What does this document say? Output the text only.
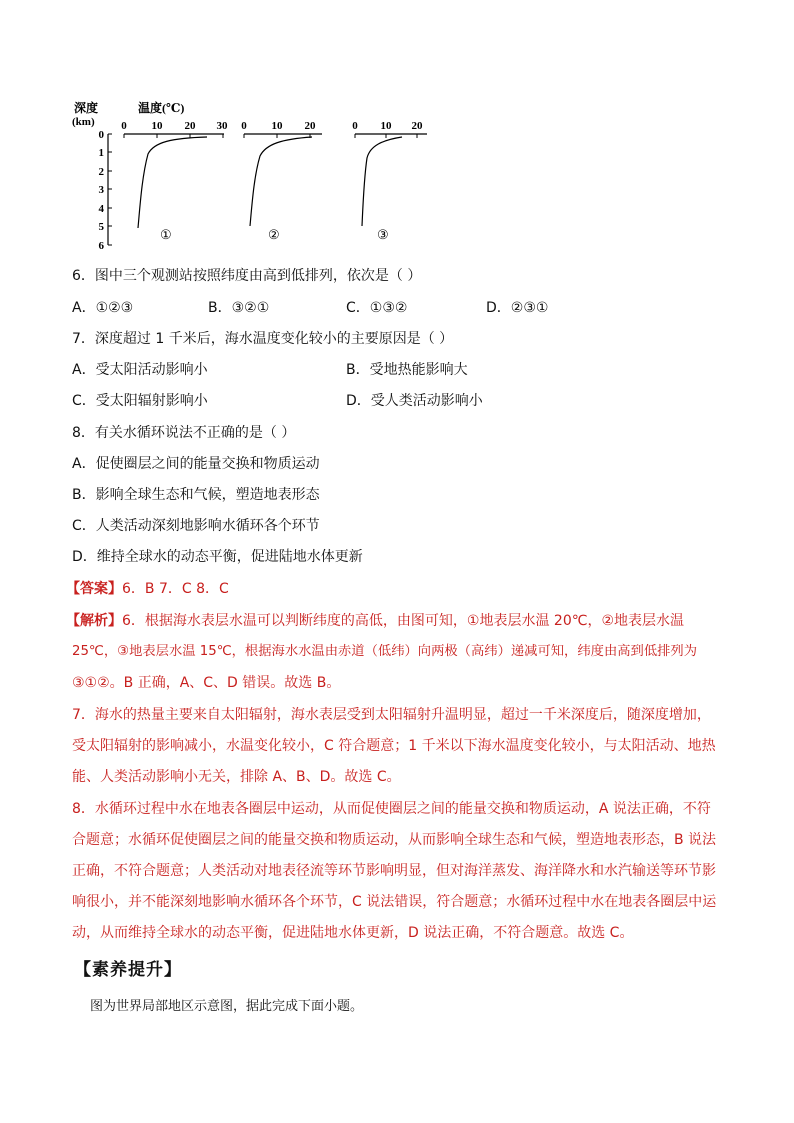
深度
(km)
温度(℃)
0
1
2
3
4
5
6
0 10 20 30
①
0 10 20
②
0 10 20
③
6．图中三个观测站按照纬度由高到低排列，依次是（ ）
A．①②③	B．③②①	C．①③②	D．②③①
7．深度超过 1 千米后，海水温度变化较小的主要原因是（ ）
A．受太阳活动影响小	B．受地热能影响大
C．受太阳辐射影响小	D．受人类活动影响小
8．有关水循环说法不正确的是（ ）
A．促使圈层之间的能量交换和物质运动
B．影响全球生态和气候，塑造地表形态
C．人类活动深刻地影响水循环各个环节
D．维持全球水的动态平衡，促进陆地水体更新
【答案】6．B 7．C 8．C
【解析】6．根据海水表层水温可以判断纬度的高低，由图可知，①地表层水温 20℃，②地表层水温
25℃，③地表层水温 15℃，根据海水水温由赤道（低纬）向两极（高纬）递减可知，纬度由高到低排列为
③①②。B 正确，A、C、D 错误。故选 B。
7．海水的热量主要来自太阳辐射，海水表层受到太阳辐射升温明显，超过一千米深度后，随深度增加，
受太阳辐射的影响减小，水温变化较小，C 符合题意；1 千米以下海水温度变化较小，与太阳活动、地热
能、人类活动影响小无关，排除 A、B、D。故选 C。
8．水循环过程中水在地表各圈层中运动，从而促使圈层之间的能量交换和物质运动，A 说法正确，不符
合题意；水循环促使圈层之间的能量交换和物质运动，从而影响全球生态和气候，塑造地表形态，B 说法
正确，不符合题意；人类活动对地表径流等环节影响明显，但对海洋蒸发、海洋降水和水汽输送等环节影
响很小，并不能深刻地影响水循环各个环节，C 说法错误，符合题意；水循环过程中水在地表各圈层中运
动，从而维持全球水的动态平衡，促进陆地水体更新，D 说法正确，不符合题意。故选 C。
【素养提升】
图为世界局部地区示意图，据此完成下面小题。
